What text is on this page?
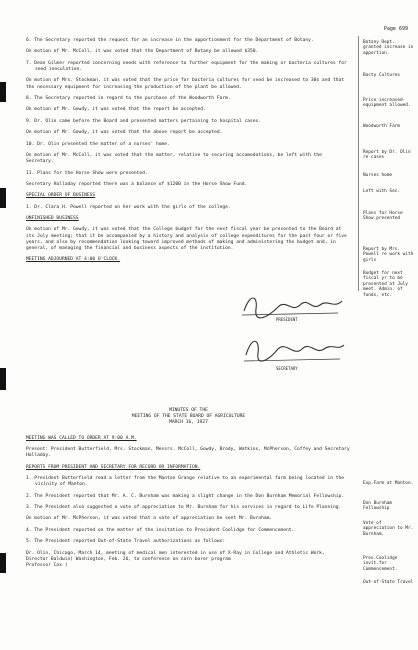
Page 699
6. The Secretary reported the request for an increase in the apportionment for the Department of Botany.
On motion of Mr. McColl, it was voted that the Department of Botany be allowed $350.
7. Dean Gilmer reported concerning needs with reference to further equipment for the making or bacteria cultures for seed inoculation.
On motion of Mrs. Stockman, it was voted that the price for bacteria cultures for seed be increased to 30¢ and that the necessary equipment for increasing the production of the plant be allowed.
8. The Secretary reported in regard to the purchase of the Woodworth Farm.
On motion of Mr. Gowdy, it was voted that the report be accepted.
9. Dr. Olin came before the Board and presented matters pertaining to hospital cases.
On motion of Mr. Gowdy, it was voted that the above report be accepted.
10. Dr. Olin presented the matter of a nurses' home.
On motion of Mr. McColl, it was voted that the matter, relative to securing accomodations, be left with the Secretary.
11. Plans for the Horse Show were presented.
Secretary Halladay reported there was a balance of $1200 in the Horse Show Fund.
SPECIAL ORDER OF BUSINESS
1. Dr. Clara H. Powell reported on her work with the girls of the college.
UNFINISHED BUSINESS
On motion of Mr. Gowdy, it was voted that the College budget for the next fiscal year be presented to the Board at its July meeting; that it be accompanied by a history and analysis of college expenditures for the past four or five years, and also by recommendation looking toward improved methods of making and administering the budget and, in general, of managing the financial and business aspects of the institution.
MEETING ADJOURNED AT 4:00 O'CLOCK.
PRESIDENT
SECRETARY
MINUTES OF THE
MEETING OF THE STATE BOARD OF AGRICULTURE
MARCH 16, 1927
MEETING WAS CALLED TO ORDER AT 9:00 A.M.
Present: President Butterfield, Mrs. Stockman, Messrs. McColl, Gowdy, Brody, Watkins, McPherson, Coffey and Secretary Halladay.
REPORTS FROM PRESIDENT AND SECRETARY FOR RECORD OR INFORMATION.
1. President Butterfield read a letter from the Manton Grange relative to an experimental farm being located in the vicinity of Manton.
2. The President reported that Mr. A. C. Burnham was making a slight change in the Don Burnham Memorial Fellowship.
3. The President also suggested a vote of appreciation to Mr. Burnham for his services in regard to Life Planning.
On motion of Mr. McPherson, it was voted that a vote of appreciation be sent Mr. Burnham.
4. The President reported on the matter of the invitation to President Coolidge for Commencement.
5. The President reported Out-of-State Travel authorizations as follows:
Dr. Olin, Chicago, March 14, meeting of medical men interested in use of X-Ray in College and Athletic Work.
Director Baldwin) Washington, Feb. 26, to conference on corn borer program
Professor Cox )
Botany Dept. granted increase in apportion.
Bacty Cultures
Price increased-equipment allowed.
Woodworth Farm
Report by Dr. Olin re cases
Nurses home
Left with Sec.
Plans for Horse Show presented
Report by Mrs. Powell re work with girls
Budget for next fiscal yr to be presented at July meet. Admin. of funds, etc.
Exp.Farm at Manton.
Don Burnham Fellowship
Vote of appreciation to Mr. Burnham.
Pres.Coolidge invit.for Commencement.
Out-of-State Travel
